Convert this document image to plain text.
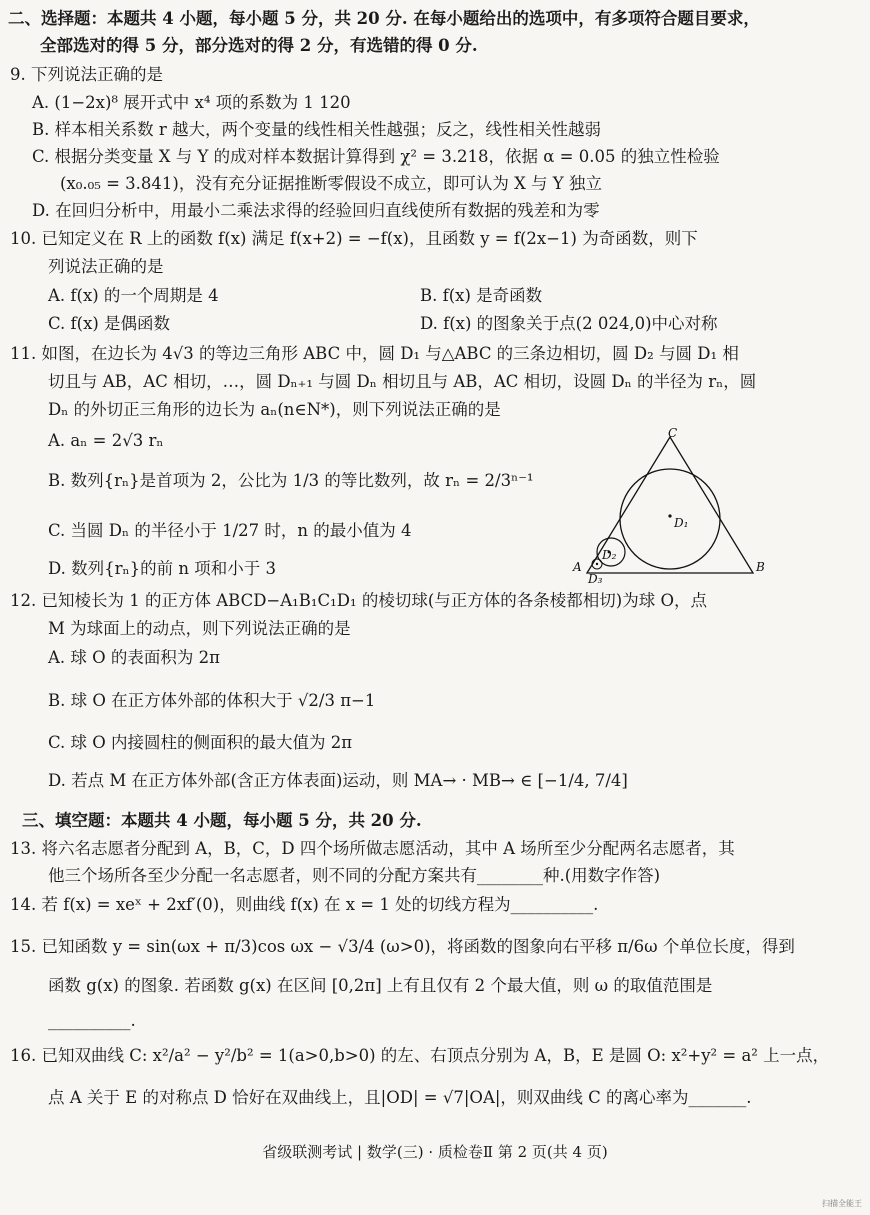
二、选择题：本题共 4 小题，每小题 5 分，共 20 分. 在每小题给出的选项中，有多项符合题目要求，
全部选对的得 5 分，部分选对的得 2 分，有选错的得 0 分.
9. 下列说法正确的是
A. (1−2x)⁸ 展开式中 x⁴ 项的系数为 1 120
B. 样本相关系数 r 越大，两个变量的线性相关性越强；反之，线性相关性越弱
C. 根据分类变量 X 与 Y 的成对样本数据计算得到 χ² = 3.218，依据 α = 0.05 的独立性检验
(x₀.₀₅ = 3.841)，没有充分证据推断零假设不成立，即可认为 X 与 Y 独立
D. 在回归分析中，用最小二乘法求得的经验回归直线使所有数据的残差和为零
10. 已知定义在 R 上的函数 f(x) 满足 f(x+2) = −f(x)，且函数 y = f(2x−1) 为奇函数，则下
列说法正确的是
A. f(x) 的一个周期是 4	B. f(x) 是奇函数
C. f(x) 是偶函数	D. f(x) 的图象关于点(2 024,0)中心对称
11. 如图，在边长为 4√3 的等边三角形 ABC 中，圆 D₁ 与△ABC 的三条边相切，圆 D₂ 与圆 D₁ 相
切且与 AB，AC 相切，…，圆 Dₙ₊₁ 与圆 Dₙ 相切且与 AB，AC 相切，设圆 Dₙ 的半径为 rₙ，圆
Dₙ 的外切正三角形的边长为 aₙ(n∈N*)，则下列说法正确的是
A. aₙ = 2√3 rₙ
B. 数列{rₙ}是首项为 2，公比为 1/3 的等比数列，故 rₙ = 2/3ⁿ⁻¹
C. 当圆 Dₙ 的半径小于 1/27 时，n 的最小值为 4
D. 数列{rₙ}的前 n 项和小于 3
12. 已知棱长为 1 的正方体 ABCD−A₁B₁C₁D₁ 的棱切球(与正方体的各条棱都相切)为球 O，点
M 为球面上的动点，则下列说法正确的是
A. 球 O 的表面积为 2π
B. 球 O 在正方体外部的体积大于 √2/3 π−1
C. 球 O 内接圆柱的侧面积的最大值为 2π
D. 若点 M 在正方体外部(含正方体表面)运动，则 MA→ · MB→ ∈ [−1/4, 7/4]
三、填空题：本题共 4 小题，每小题 5 分，共 20 分.
13. 将六名志愿者分配到 A，B，C，D 四个场所做志愿活动，其中 A 场所至少分配两名志愿者，其
他三个场所各至少分配一名志愿者，则不同的分配方案共有________种.(用数字作答)
14. 若 f(x) = xeˣ + 2xf′(0)，则曲线 f(x) 在 x = 1 处的切线方程为__________.
15. 已知函数 y = sin(ωx + π/3)cos ωx − √3/4 (ω>0)，将函数的图象向右平移 π/6ω 个单位长度，得到
函数 g(x) 的图象. 若函数 g(x) 在区间 [0,2π] 上有且仅有 2 个最大值，则 ω 的取值范围是
__________.
16. 已知双曲线 C: x²/a² − y²/b² = 1(a>0,b>0) 的左、右顶点分别为 A，B，E 是圆 O: x²+y² = a² 上一点，
点 A 关于 E 的对称点 D 恰好在双曲线上，且|OD| = √7|OA|，则双曲线 C 的离心率为_______.
C
A	B
D₁
D₂
D₃
省级联测考试 | 数学(三) · 质检卷Ⅱ 第 2 页(共 4 页)
扫描全能王
